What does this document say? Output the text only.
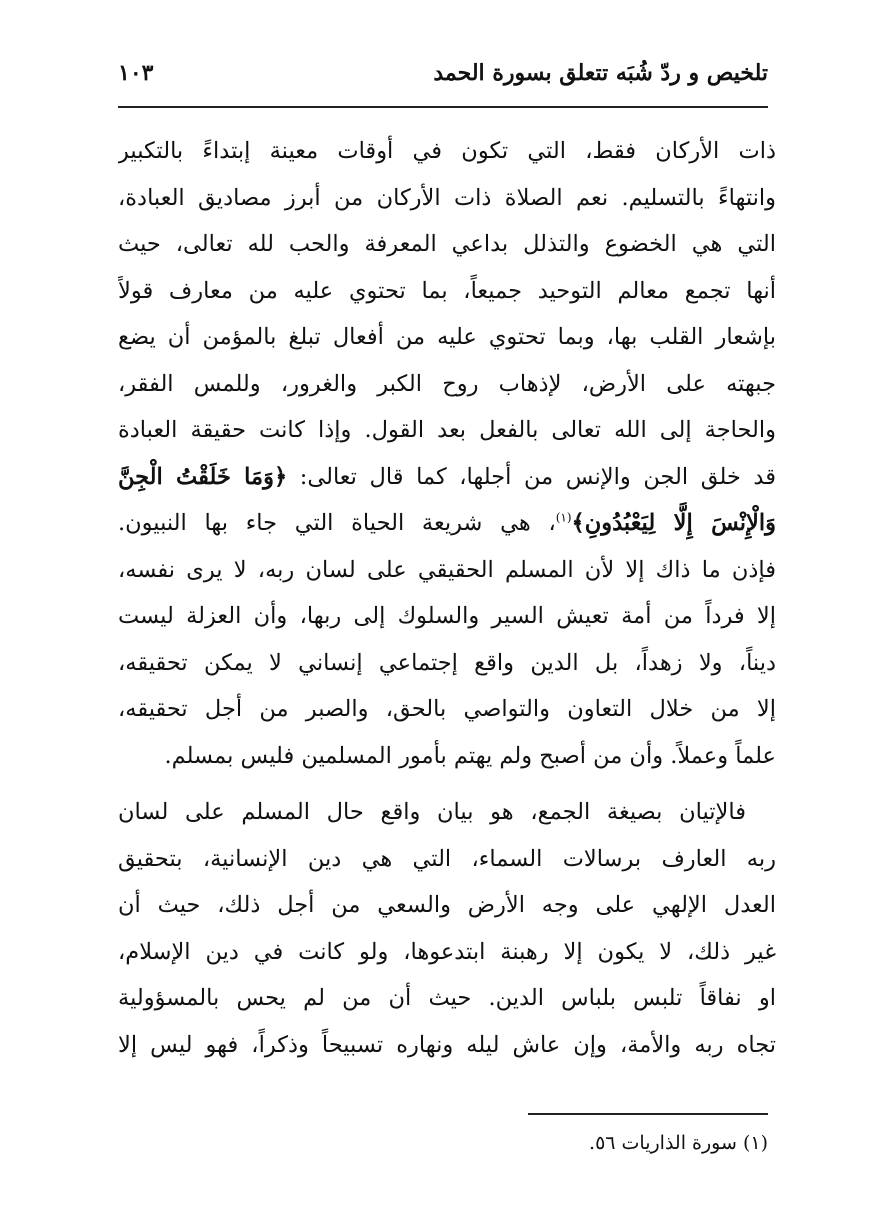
تلخيص و ردّ شُبَه تتعلق بسورة الحمد
١٠٣
ذات الأركان فقط، التي تكون في أوقات معينة إبتداءً بالتكبير
وانتهاءً بالتسليم. نعم الصلاة ذات الأركان من أبرز مصاديق العبادة،
التي هي الخضوع والتذلل بداعي المعرفة والحب لله تعالى، حيث
أنها تجمع معالم التوحيد جميعاً، بما تحتوي عليه من معارف قولاً
بإشعار القلب بها، وبما تحتوي عليه من أفعال تبلغ بالمؤمن أن يضع
جبهته على الأرض، لإذهاب روح الكبر والغرور، وللمس الفقر،
والحاجة إلى الله تعالى بالفعل بعد القول. وإذا كانت حقيقة العبادة
قد خلق الجن والإنس من أجلها، كما قال تعالى: ﴿وَمَا خَلَقْتُ الْجِنَّ
وَالْإِنْسَ إِلَّا لِيَعْبُدُونِ﴾$^{(١)}$، هي شريعة الحياة التي جاء بها النبيون.
فإذن ما ذاك إلا لأن المسلم الحقيقي على لسان ربه، لا يرى نفسه،
إلا فرداً من أمة تعيش السير والسلوك إلى ربها، وأن العزلة ليست
ديناً، ولا زهداً، بل الدين واقع إجتماعي إنساني لا يمكن تحقيقه،
إلا من خلال التعاون والتواصي بالحق، والصبر من أجل تحقيقه،
علماً وعملاً. وأن من أصبح ولم يهتم بأمور المسلمين فليس بمسلم.
فالإتيان بصيغة الجمع، هو بيان واقع حال المسلم على لسان
ربه العارف برسالات السماء، التي هي دين الإنسانية، بتحقيق
العدل الإلهي على وجه الأرض والسعي من أجل ذلك، حيث أن
غير ذلك، لا يكون إلا رهبنة ابتدعوها، ولو كانت في دين الإسلام،
او نفاقاً تلبس بلباس الدين. حيث أن من لم يحس بالمسؤولية
تجاه ربه والأمة، وإن عاش ليله ونهاره تسبيحاً وذكراً، فهو ليس إلا
(١) سورة الذاريات ٥٦.
